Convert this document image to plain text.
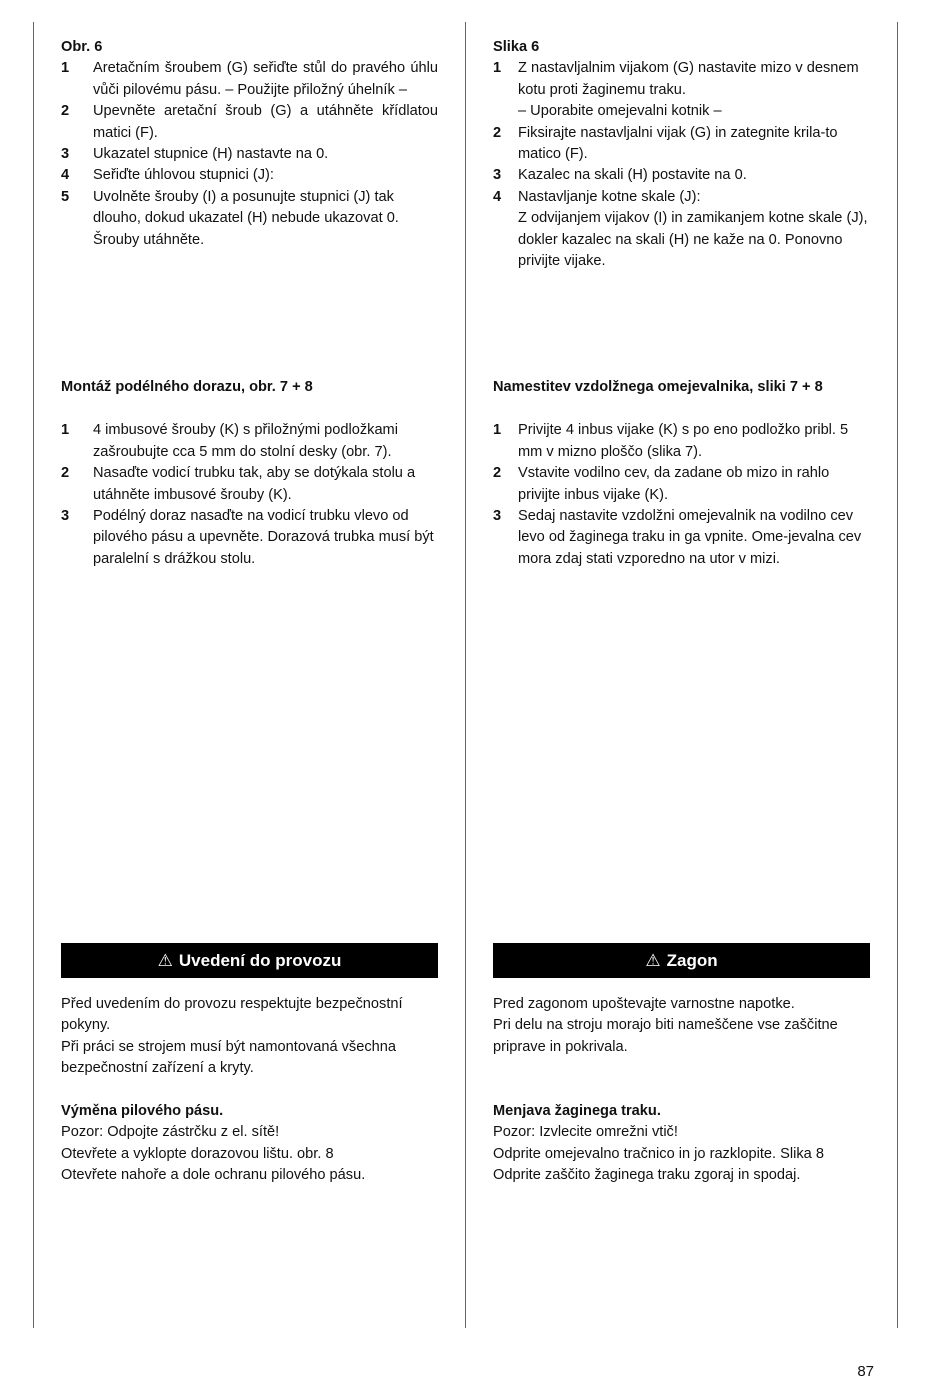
Obr. 6

1 Aretačním šroubem (G) seřiďte stůl do pravého úhlu vůči pilovému pásu. – Použijte přiložný úhelník –
2 Upevněte aretační šroub (G) a utáhněte křídlatou matici (F).
3 Ukazatel stupnice (H) nastavte na 0.
4 Seřiďte úhlovou stupnici (J):
5 Uvolněte šrouby (I) a posunujte stupnici (J) tak dlouho, dokud ukazatel (H) nebude ukazovat 0. Šrouby utáhněte.

Montáž podélného dorazu, obr. 7 + 8

1 4 imbusové šrouby (K) s přiložnými podložkami zašroubujte cca 5 mm do stolní desky (obr. 7).
2 Nasaďte vodicí trubku tak, aby se dotýkala stolu a utáhněte imbusové šrouby (K).
3 Podélný doraz nasaďte na vodicí trubku vlevo od pilového pásu a upevněte. Dorazová trubka musí být paralelní s drážkou stolu.
⚠ Uvedení do provozu

Před uvedením do provozu respektujte bezpečnostní pokyny.

Při práci se strojem musí být namontovaná všechna bezpečnostní zařízení a kryty.

Výměna pilového pásu.

Pozor: Odpojte zástrčku z el. sítě!

Otevřete a vyklopte dorazovou lištu. obr. 8

Otevřete nahoře a dole ochranu pilového pásu.

Slika 6

1 Z nastavljalnim vijakom (G) nastavite mizo v desnem kotu proti žaginemu traku.
– Uporabite omejevalni kotnik –
2 Fiksirajte nastavljalni vijak (G) in zategnite krila-to matico (F).
3 Kazalec na skali (H) postavite na 0.
4 Nastavljanje kotne skale (J):
Z odvijanjem vijakov (I) in zamikanjem kotne skale (J), dokler kazalec na skali (H) ne kaže na 0. Ponovno privijte vijake.

Namestitev vzdolžnega omejevalnika, sliki 7 + 8

1 Privijte 4 inbus vijake (K) s po eno podložko pribl. 5 mm v mizno ploščo (slika 7).
2 Vstavite vodilno cev, da zadane ob mizo in rahlo privijte inbus vijake (K).
3 Sedaj nastavite vzdolžni omejevalnik na vodilno cev levo od žaginega traku in ga vpnite. Ome-jevalna cev mora zdaj stati vzporedno na utor v mizi.
⚠ Zagon

Pred zagonom upoštevajte varnostne napotke.

Pri delu na stroju morajo biti nameščene vse zaščitne priprave in pokrivala.

Menjava žaginega traku.

Pozor: Izvlecite omrežni vtič!

Odprite omejevalno tračnico in jo razklopite. Slika 8

Odprite zaščito žaginega traku zgoraj in spodaj.

87
